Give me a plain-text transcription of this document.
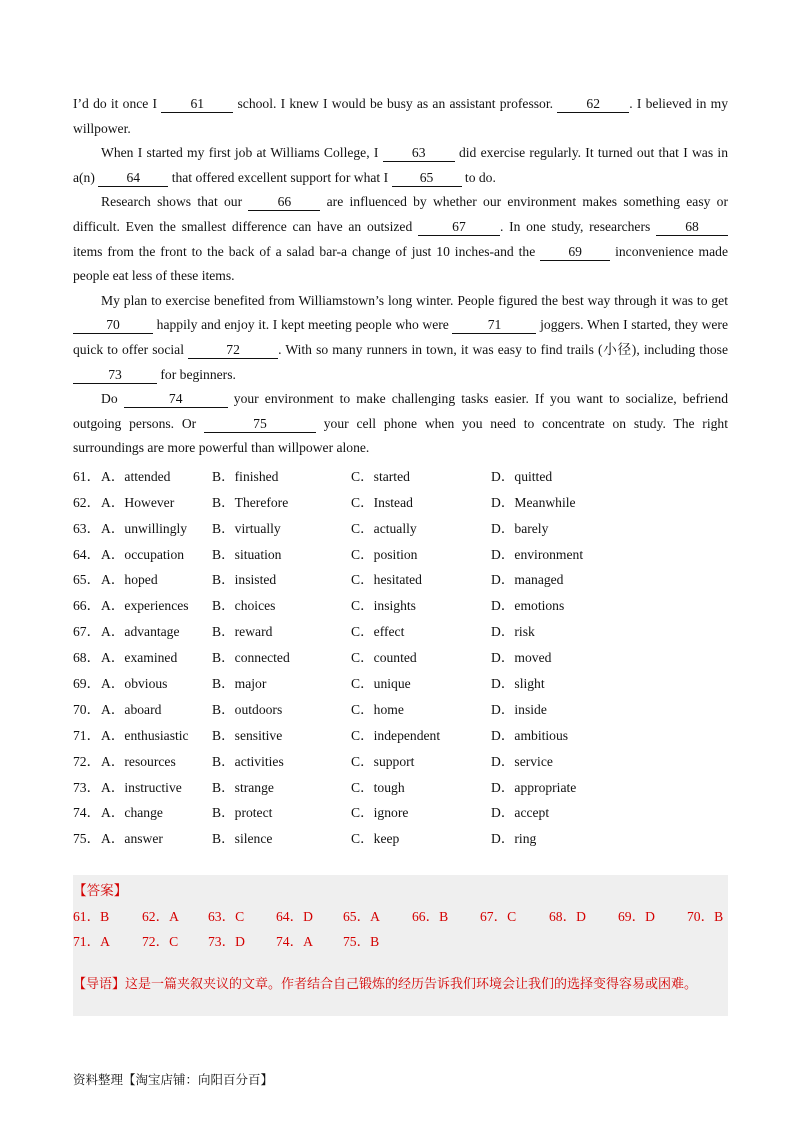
I’d do it once I 61 school. I knew I would be busy as an assistant professor. 62 . I believed in my willpower.

When I started my first job at Williams College, I 63 did exercise regularly. It turned out that I was in a(n) 64 that offered excellent support for what I 65 to do.

Research shows that our 66 are influenced by whether our environment makes something easy or difficult. Even the smallest difference can have an outsized	67	. In one study, researchers 68 items from the front to the back of a salad bar-a change of just 10 inches-and the 69 inconvenience made people eat less of these items.

My plan to exercise benefited from Williamstown’s long winter. People figured the best way through it was to get 70 happily and enjoy it. I kept meeting people who were	71	joggers. When I started, they were quick to offer social	72	. With so many runners in town, it was easy to find trails (小径), including those 73	for beginners.

Do	74	your environment to make challenging tasks easier. If you want to socialize, befriend outgoing persons. Or	75	your cell phone when you need to concentrate on study. The right surroundings are more powerful than willpower alone.

61． A．attended	B．finished	C．started	D．quitted
62． A．However	B．Therefore	C．Instead	D．Meanwhile
63． A．unwillingly B．virtually	C．actually	D．barely
64． A．occupation B．situation	C．position	D．environment
65． A．hoped	B．insisted	C．hesitated	D．managed
66． A．experiences B．choices	C．insights	D．emotions
67． A．advantage B．reward	C．effect	D．risk
68． A．examined	B．connected	C．counted	D．moved
69． A．obvious	B．major	C．unique	D．slight
70． A．aboard	B．outdoors	C．home	D．inside
71． A．enthusiastic B．sensitive	C．independent	D．ambitious
72． A．resources	B．activities	C．support	D．service
73． A．instructive B．strange	C．tough	D．appropriate
74． A．change	B．protect	C．ignore	D．accept
75． A．answer	B．silence	C．keep	D．ring
【答案】
61．B 62．A 63．C 64．D 65．A 66．B 67．C 68．D 69．D 70．B
71．A 72．C 73．D 74．A 75．B
【导语】这是一篇夹叙夹议的文章。作者结合自己锻炼的经历告诉我们环境会让我们的选择变得容易或困难。
资料整理【淘宝店铺：向阳百分百】
